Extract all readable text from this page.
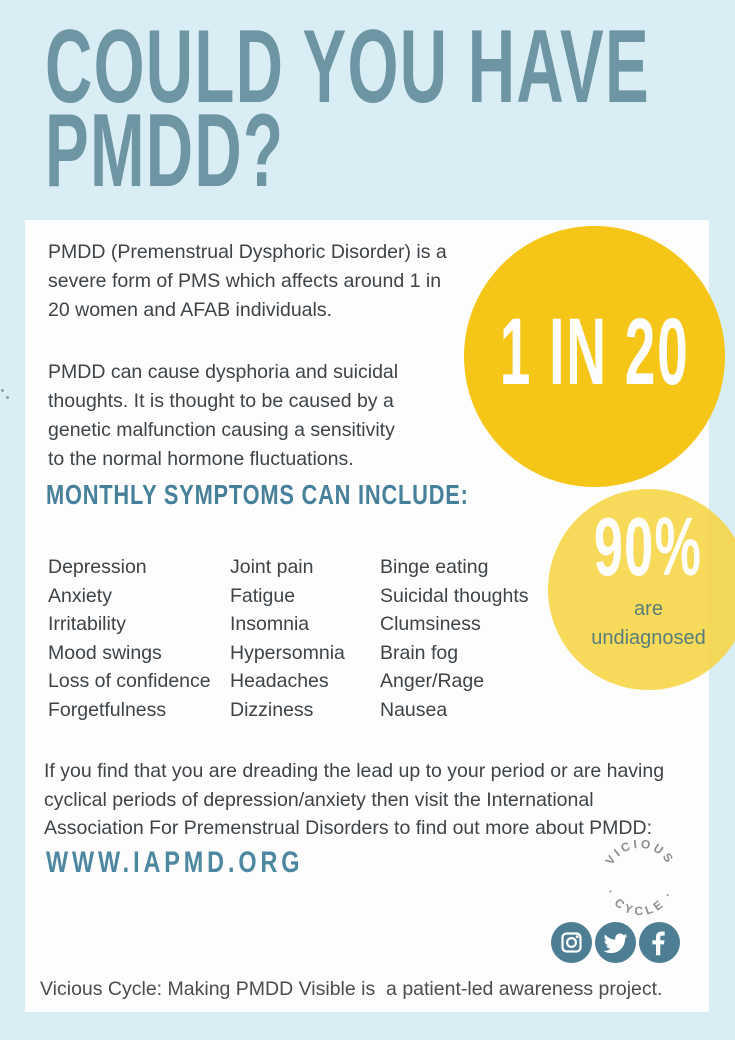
COULD YOU HAVE
PMDD?
90%
are
undiagnosed
1 IN 20
PMDD (Premenstrual Dysphoric Disorder) is a
severe form of PMS which affects around 1 in
20 women and AFAB individuals.
PMDD can cause dysphoria and suicidal
thoughts. It is thought to be caused by a
genetic malfunction causing a sensitivity
to the normal hormone fluctuations.
MONTHLY SYMPTOMS CAN INCLUDE:
Depression
Anxiety
Irritability
Mood swings
Loss of confidence
Forgetfulness
Joint pain
Fatigue
Insomnia
Hypersomnia
Headaches
Dizziness
Binge eating
Suicidal thoughts
Clumsiness
Brain fog
Anger/Rage
Nausea
If you find that you are dreading the lead up to your period or are having
cyclical periods of depression/anxiety then visit the International
Association For Premenstrual Disorders to find out more about PMDD:
WWW.IAPMD.ORG	VICIOUS
· CYCLE ·
Vicious Cycle: Making PMDD Visible is  a patient-led awareness project.
